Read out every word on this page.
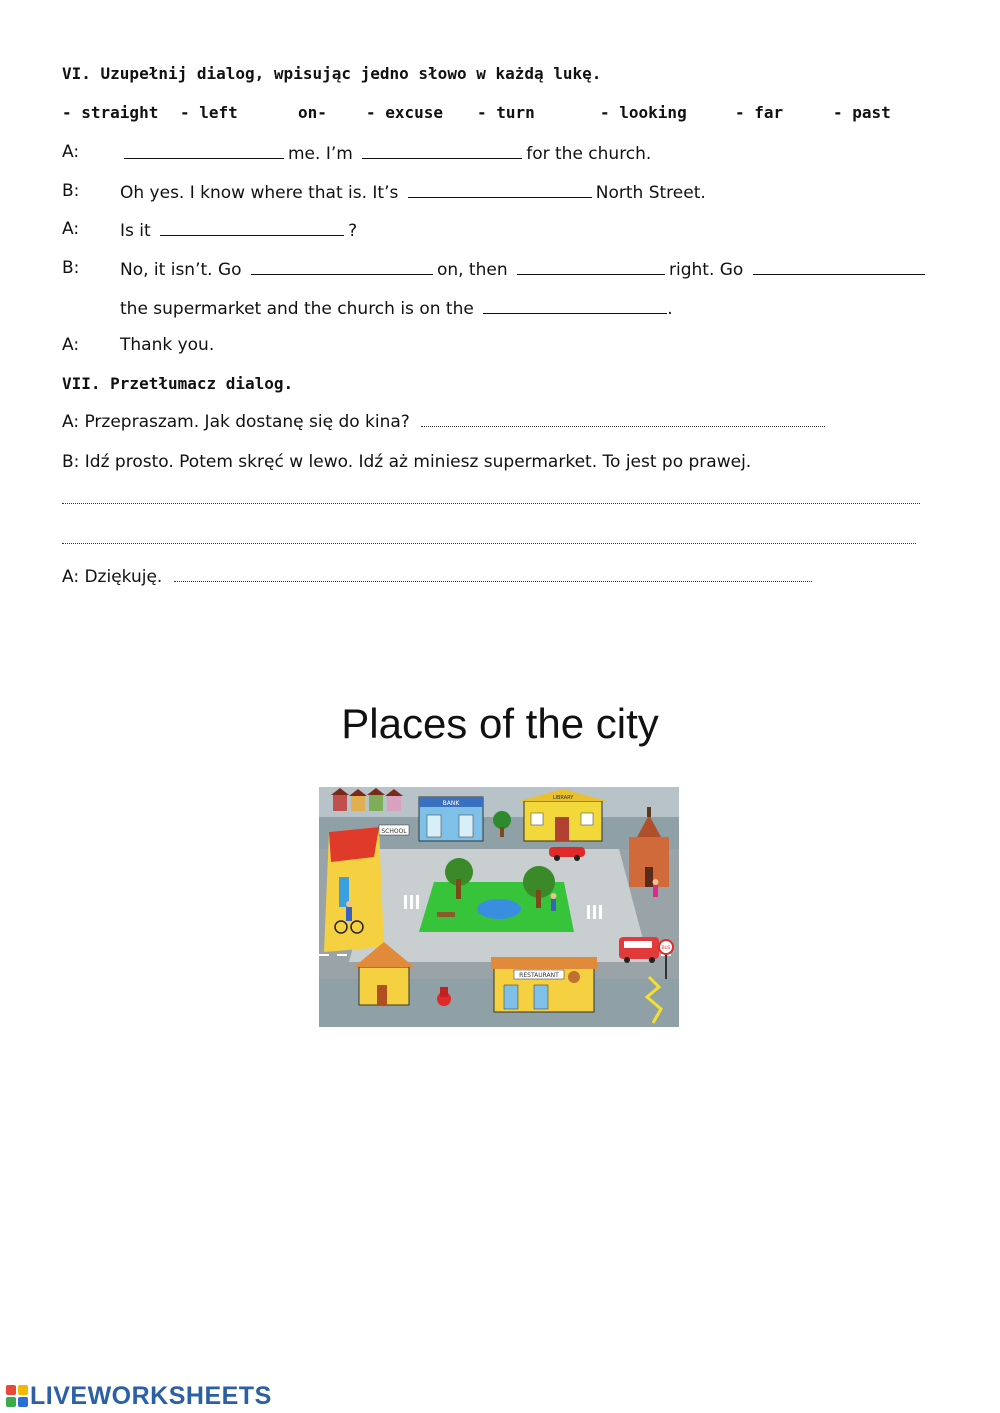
VI. Uzupełnij dialog, wpisując jedno słowo w każdą lukę.
- straight - left	on- - excuse - turn	- looking	- far	- past
A:	me. I’m	for the church.
B: Oh yes. I know where that is. It’s	North Street.
A: Is it	?
B: No, it isn’t. Go	on, then	right. Go
the supermarket and the church is on the	.
A: Thank you.
VII. Przetłumacz dialog.
A: Przepraszam. Jak dostanę się do kina?
B: Idź prosto. Potem skręć w lewo. Idź aż miniesz supermarket. To jest po prawej.
A: Dziękuję.
Places of the city
BANK
LIBRARY
SCHOOL
RESTAURANT
BUS
LIVEWORKSHEETS
